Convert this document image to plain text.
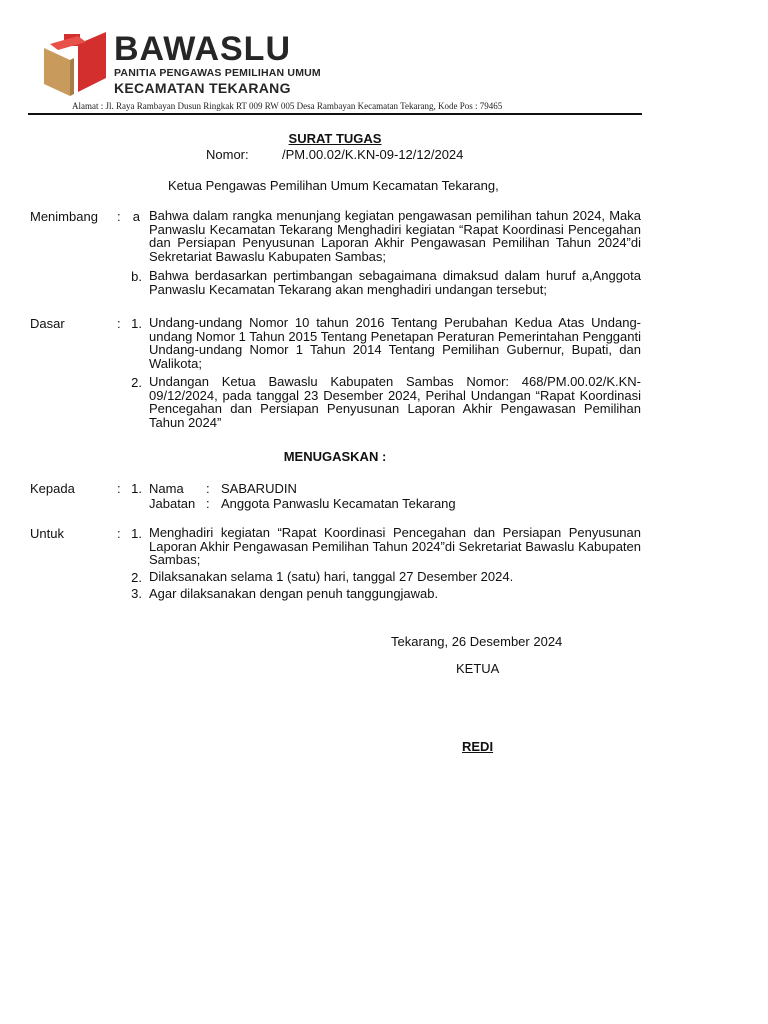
BAWASLU
PANITIA PENGAWAS PEMILIHAN UMUM
KECAMATAN TEKARANG
Alamat : Jl. Raya Rambayan Dusun Ringkak RT 009 RW 005 Desa Rambayan Kecamatan Tekarang, Kode Pos : 79465
SURAT TUGAS
Nomor:	/PM.00.02/K.KN-09-12/12/2024
Ketua Pengawas Pemilihan Umum Kecamatan Tekarang,
Menimbang : a Bahwa dalam rangka menunjang kegiatan pengawasan pemilihan tahun 2024, Maka Panwaslu Kecamatan Tekarang Menghadiri kegiatan “Rapat Koordinasi Pencegahan dan Persiapan Penyusunan Laporan Akhir Pengawasan Pemilihan Tahun 2024”di Sekretariat Bawaslu Kabupaten Sambas;
b. Bahwa berdasarkan pertimbangan sebagaimana dimaksud dalam huruf a,Anggota Panwaslu Kecamatan Tekarang akan menghadiri undangan tersebut;
Dasar	: 1. Undang-undang Nomor 10 tahun 2016 Tentang Perubahan Kedua Atas Undang-undang Nomor 1 Tahun 2015 Tentang Penetapan Peraturan Pemerintahan Pengganti Undang-undang Nomor 1 Tahun 2014 Tentang Pemilihan Gubernur, Bupati, dan Walikota;
2. Undangan Ketua Bawaslu Kabupaten Sambas Nomor: 468/PM.00.02/K.KN-09/12/2024, pada tanggal 23 Desember 2024, Perihal Undangan “Rapat Koordinasi Pencegahan dan Persiapan Penyusunan Laporan Akhir Pengawasan Pemilihan Tahun 2024”
MENUGASKAN :
Kepada	: 1. Nama : SABARUDIN
Jabatan : Anggota Panwaslu Kecamatan Tekarang
Untuk	: 1. Menghadiri kegiatan “Rapat Koordinasi Pencegahan dan Persiapan Penyusunan Laporan Akhir Pengawasan Pemilihan Tahun 2024”di Sekretariat Bawaslu Kabupaten Sambas;
2. Dilaksanakan selama 1 (satu) hari, tanggal 27 Desember 2024.
3. Agar dilaksanakan dengan penuh tanggungjawab.
Tekarang, 26 Desember 2024
KETUA
REDI
